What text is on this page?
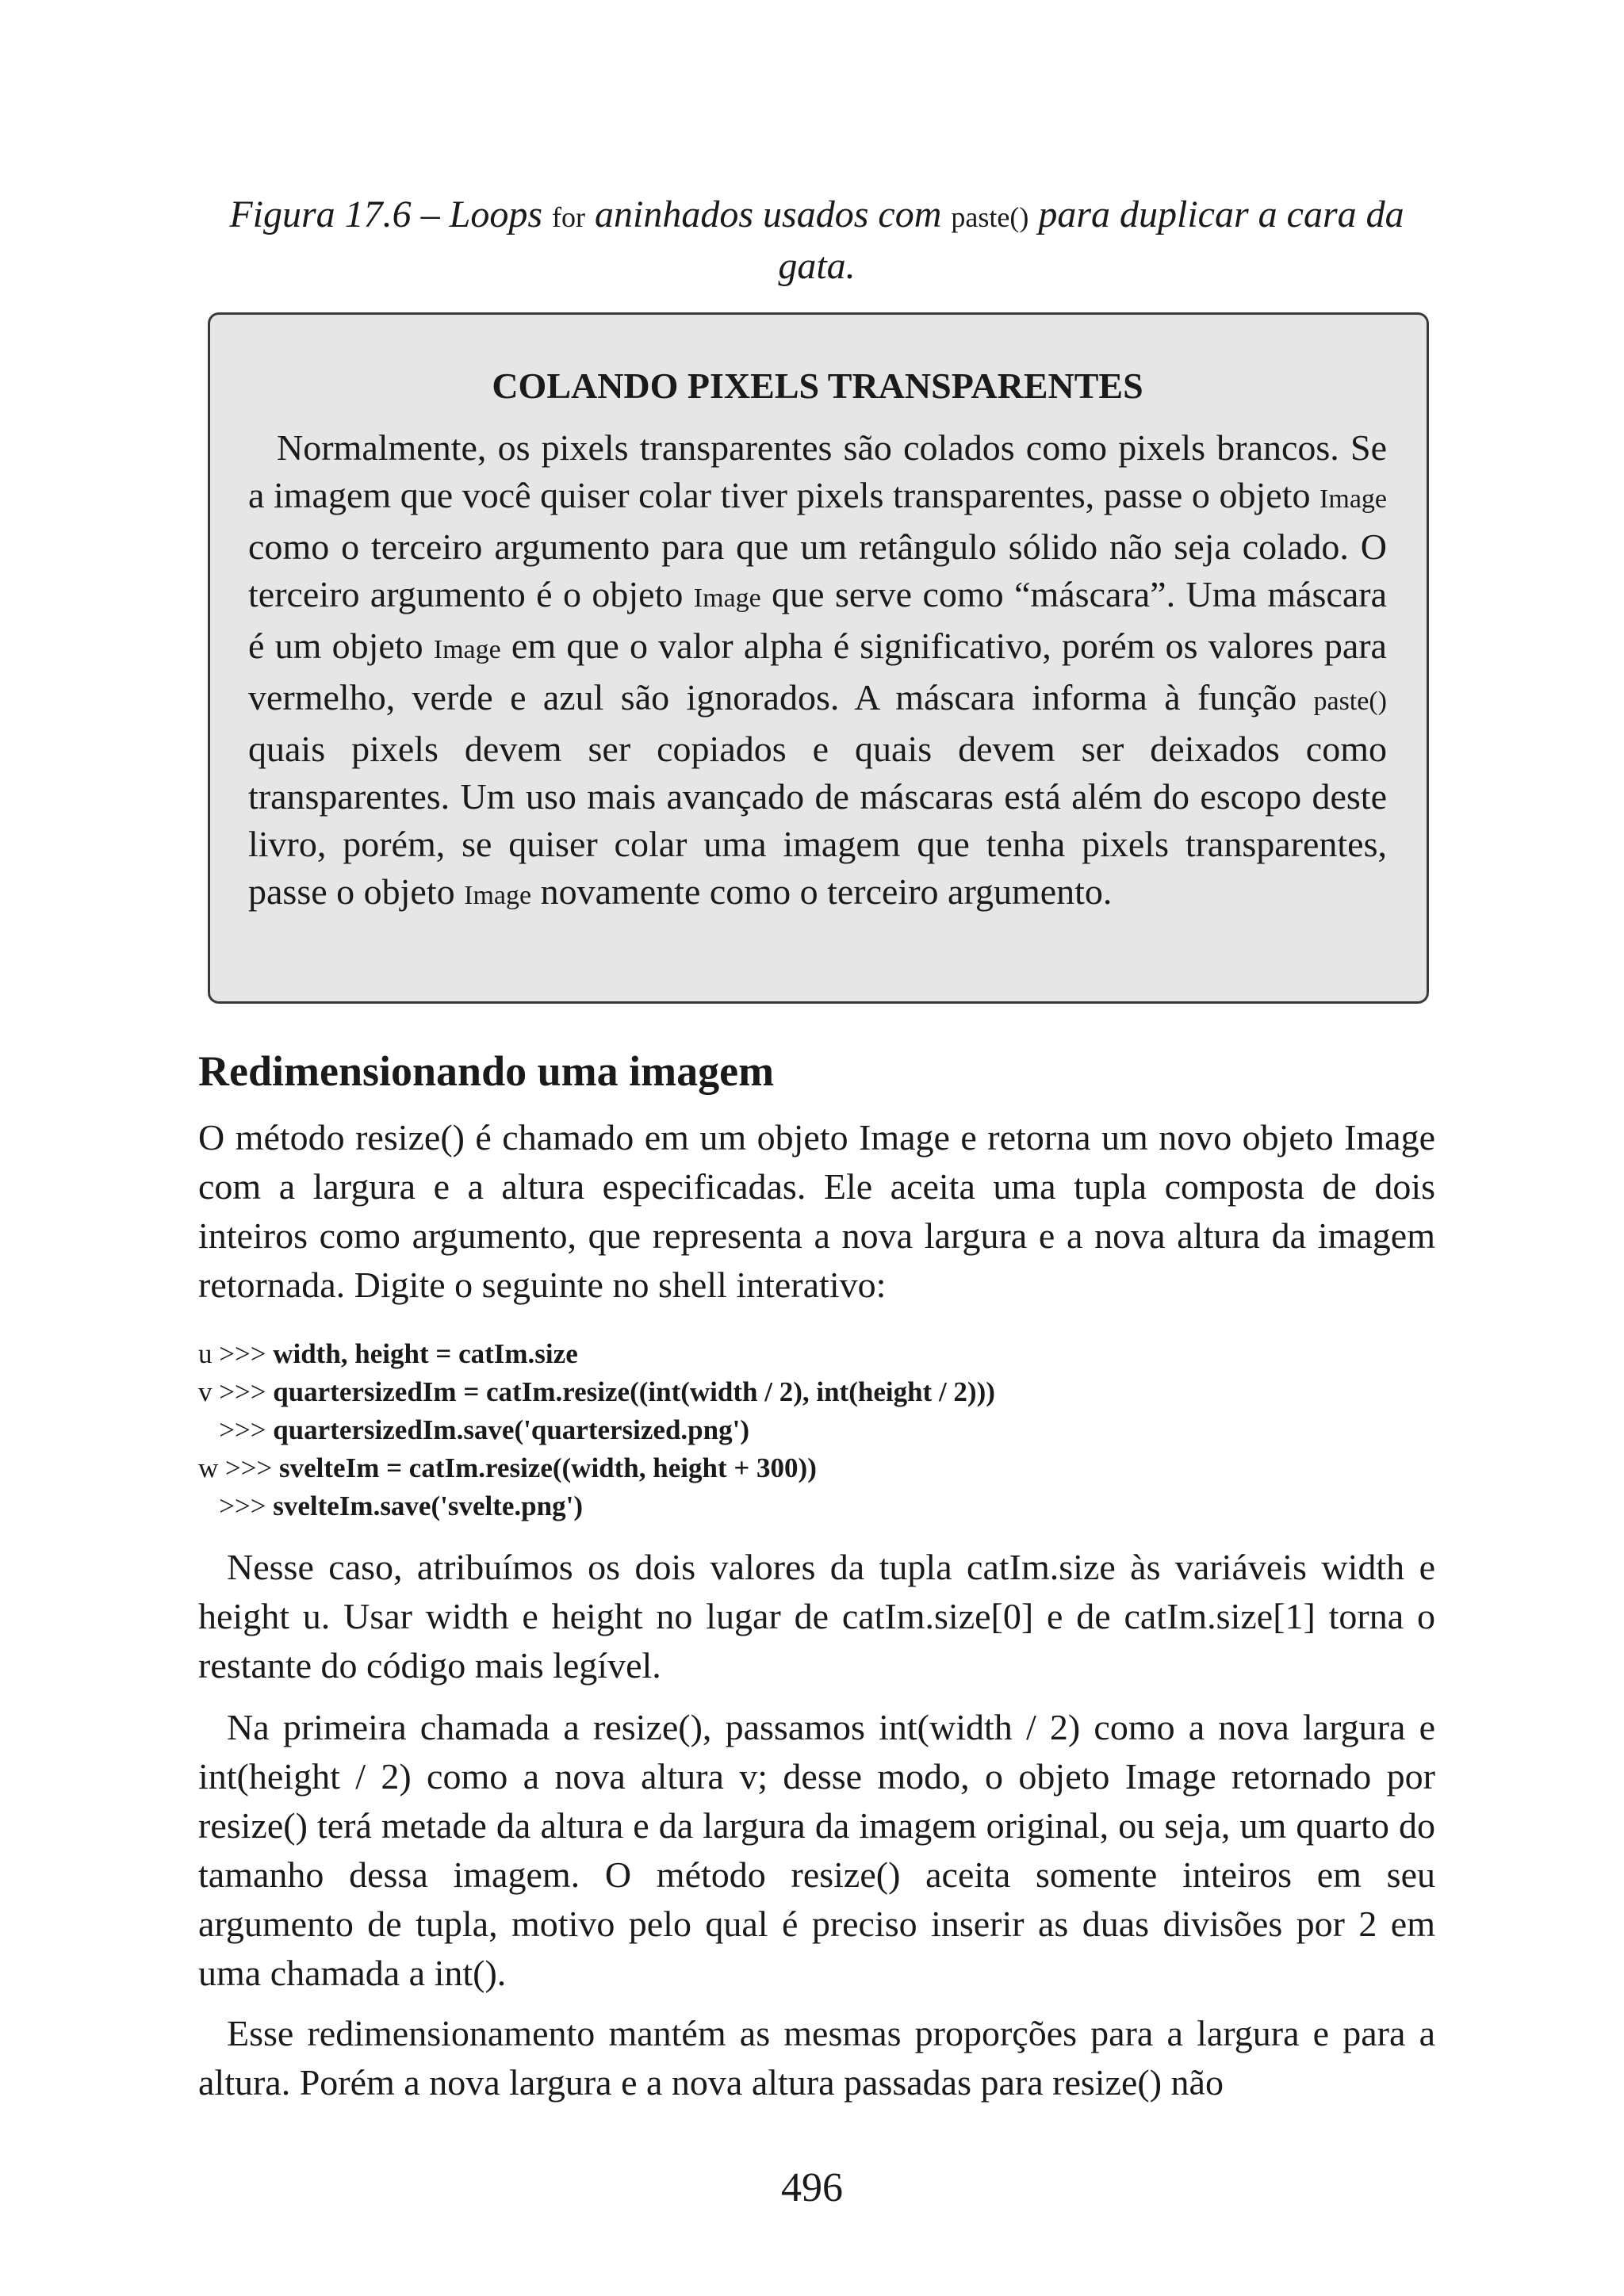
Figura 17.6 – Loops for aninhados usados com paste() para duplicar a cara da gata.
COLANDO PIXELS TRANSPARENTES

Normalmente, os pixels transparentes são colados como pixels brancos. Se a imagem que você quiser colar tiver pixels transparentes, passe o objeto Image como o terceiro argumento para que um retângulo sólido não seja colado. O terceiro argumento é o objeto Image que serve como “máscara”. Uma máscara é um objeto Image em que o valor alpha é significativo, porém os valores para vermelho, verde e azul são ignorados. A máscara informa à função paste() quais pixels devem ser copiados e quais devem ser deixados como transparentes. Um uso mais avançado de máscaras está além do escopo deste livro, porém, se quiser colar uma imagem que tenha pixels transparentes, passe o objeto Image novamente como o terceiro argumento.

Redimensionando uma imagem

O método resize() é chamado em um objeto Image e retorna um novo objeto Image com a largura e a altura especificadas. Ele aceita uma tupla composta de dois inteiros como argumento, que representa a nova largura e a nova altura da imagem retornada. Digite o seguinte no shell interativo:

u >>> width, height = catIm.size
v >>> quartersizedIm = catIm.resize((int(width / 2), int(height / 2)))
>>> quartersizedIm.save('quartersized.png')
w >>> svelteIm = catIm.resize((width, height + 300))
>>> svelteIm.save('svelte.png')

Nesse caso, atribuímos os dois valores da tupla catIm.size às variáveis width e height u. Usar width e height no lugar de catIm.size[0] e de catIm.size[1] torna o restante do código mais legível.

Na primeira chamada a resize(), passamos int(width / 2) como a nova largura e int(height / 2) como a nova altura v; desse modo, o objeto Image retornado por resize() terá metade da altura e da largura da imagem original, ou seja, um quarto do tamanho dessa imagem. O método resize() aceita somente inteiros em seu argumento de tupla, motivo pelo qual é preciso inserir as duas divisões por 2 em uma chamada a int().

Esse redimensionamento mantém as mesmas proporções para a largura e para a altura. Porém a nova largura e a nova altura passadas para resize() não

496
